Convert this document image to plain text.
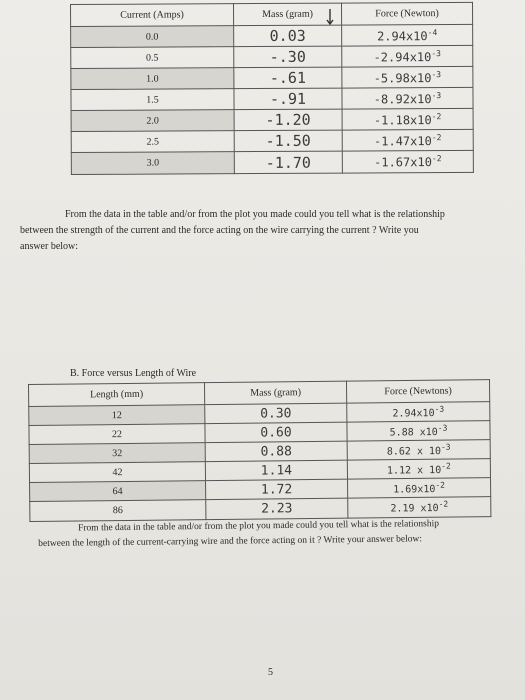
Current (Amps)	Mass (gram)	Force (Newton)
0.0	0.03	$2.94x10^{-4}$
0.5	-.30	$-2.94x10^{-3}$
1.0	-.61	$-5.98x10^{-3}$
1.5	-.91	$-8.92x10^{-3}$
2.0	-1.20	$-1.18x10^{-2}$
2.5	-1.50	$-1.47x10^{-2}$
3.0	-1.70	$-1.67x10^{-2}$

From the data in the table and/or from the plot you made could you tell what is the relationship
between the strength of the current and the force acting on the wire carrying the current ? Write you
answer below:

B. Force versus Length of Wire
Length (mm)	Mass (gram)	Force (Newtons)
12	0.30	$2.94x10^{-3}$
22	0.60	5.88 $x10^{-3}$
32	0.88	8.62 x $10^{-3}$
42	1.14	1.12 x $10^{-2}$
64	1.72	$1.69x10^{-2}$
86	2.23	2.19 $x10^{-2}$

From the data in the table and/or from the plot you made could you tell what is the relationship
between the length of the current-carrying wire and the force acting on it ? Write your answer below:

5
